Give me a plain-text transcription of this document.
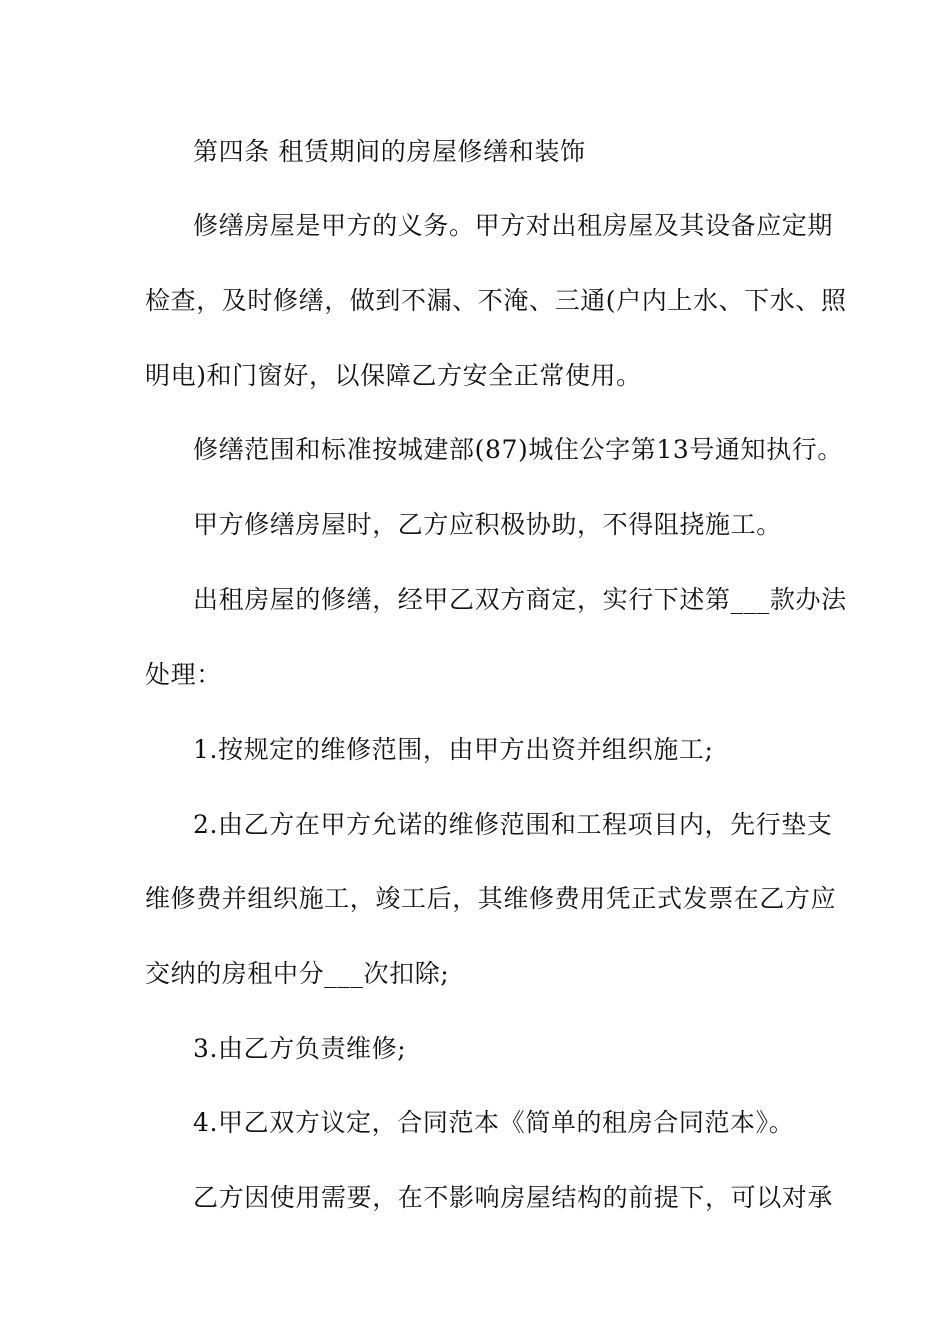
第四条 租赁期间的房屋修缮和装饰
修缮房屋是甲方的义务。甲方对出租房屋及其设备应定期
检查，及时修缮，做到不漏、不淹、三通(户内上水、下水、照
明电)和门窗好，以保障乙方安全正常使用。
修缮范围和标准按城建部(87)城住公字第13号通知执行。
甲方修缮房屋时，乙方应积极协助，不得阻挠施工。
出租房屋的修缮，经甲乙双方商定，实行下述第___款办法
处理：
1.按规定的维修范围，由甲方出资并组织施工;
2.由乙方在甲方允诺的维修范围和工程项目内，先行垫支
维修费并组织施工，竣工后，其维修费用凭正式发票在乙方应
交纳的房租中分___次扣除;
3.由乙方负责维修;
4.甲乙双方议定，合同范本《简单的租房合同范本》。
乙方因使用需要，在不影响房屋结构的前提下，可以对承
